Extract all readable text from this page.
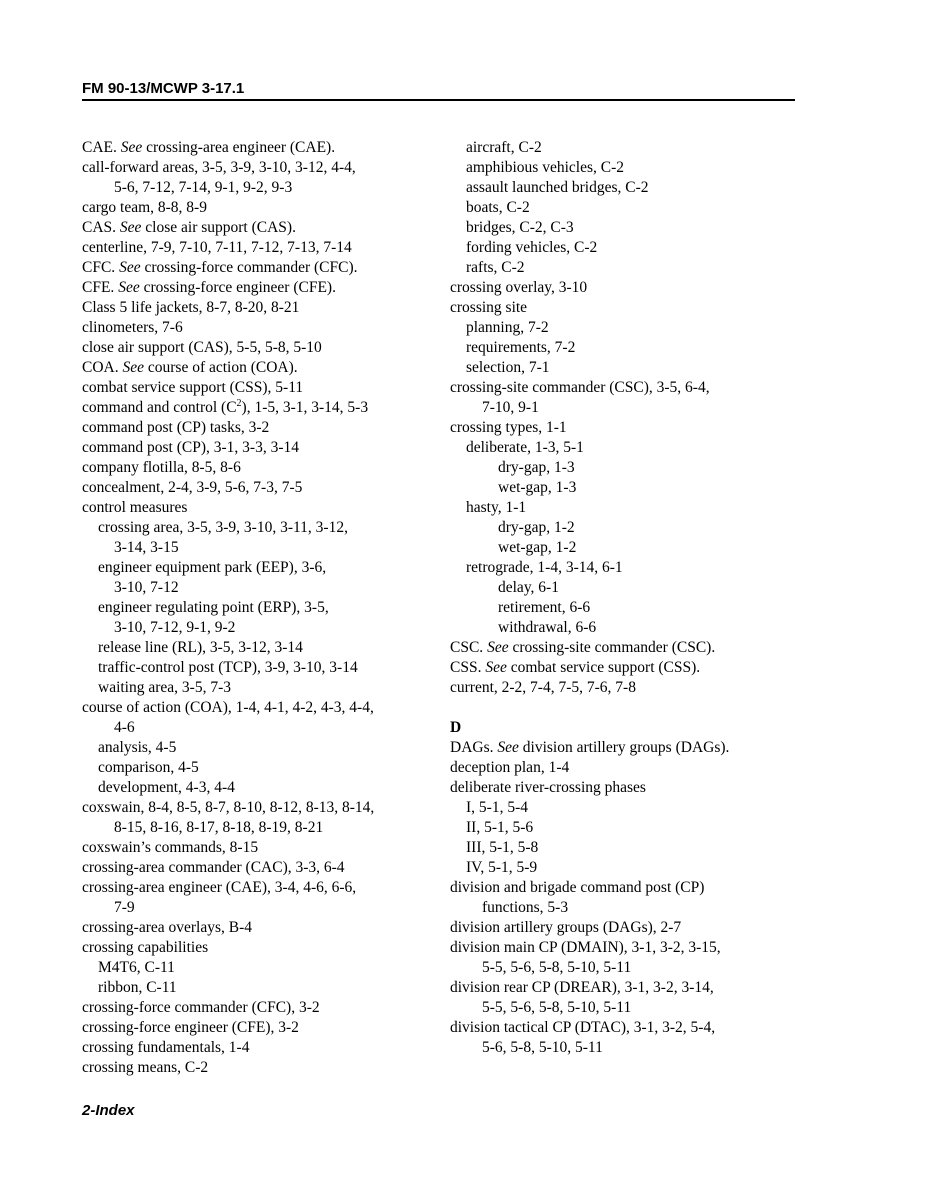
FM 90-13/MCWP 3-17.1
CAE. See crossing-area engineer (CAE).
call-forward areas, 3-5, 3-9, 3-10, 3-12, 4-4,
5-6, 7-12, 7-14, 9-1, 9-2, 9-3
cargo team, 8-8, 8-9
CAS. See close air support (CAS).
centerline, 7-9, 7-10, 7-11, 7-12, 7-13, 7-14
CFC. See crossing-force commander (CFC).
CFE. See crossing-force engineer (CFE).
Class 5 life jackets, 8-7, 8-20, 8-21
clinometers, 7-6
close air support (CAS), 5-5, 5-8, 5-10
COA. See course of action (COA).
combat service support (CSS), 5-11
command and control $(C^2)$, 1-5, 3-1, 3-14, 5-3
command post (CP) tasks, 3-2
command post (CP), 3-1, 3-3, 3-14
company flotilla, 8-5, 8-6
concealment, 2-4, 3-9, 5-6, 7-3, 7-5
control measures
crossing area, 3-5, 3-9, 3-10, 3-11, 3-12,
3-14, 3-15
engineer equipment park (EEP), 3-6,
3-10, 7-12
engineer regulating point (ERP), 3-5,
3-10, 7-12, 9-1, 9-2
release line (RL), 3-5, 3-12, 3-14
traffic-control post (TCP), 3-9, 3-10, 3-14
waiting area, 3-5, 7-3
course of action (COA), 1-4, 4-1, 4-2, 4-3, 4-4,
4-6
analysis, 4-5
comparison, 4-5
development, 4-3, 4-4
coxswain, 8-4, 8-5, 8-7, 8-10, 8-12, 8-13, 8-14,
8-15, 8-16, 8-17, 8-18, 8-19, 8-21
coxswain’s commands, 8-15
crossing-area commander (CAC), 3-3, 6-4
crossing-area engineer (CAE), 3-4, 4-6, 6-6,
7-9
crossing-area overlays, B-4
crossing capabilities
M4T6, C-11
ribbon, C-11
crossing-force commander (CFC), 3-2
crossing-force engineer (CFE), 3-2
crossing fundamentals, 1-4
crossing means, C-2
aircraft, C-2
amphibious vehicles, C-2
assault launched bridges, C-2
boats, C-2
bridges, C-2, C-3
fording vehicles, C-2
rafts, C-2
crossing overlay, 3-10
crossing site
planning, 7-2
requirements, 7-2
selection, 7-1
crossing-site commander (CSC), 3-5, 6-4,
7-10, 9-1
crossing types, 1-1
deliberate, 1-3, 5-1
dry-gap, 1-3
wet-gap, 1-3
hasty, 1-1
dry-gap, 1-2
wet-gap, 1-2
retrograde, 1-4, 3-14, 6-1
delay, 6-1
retirement, 6-6
withdrawal, 6-6
CSC. See crossing-site commander (CSC).
CSS. See combat service support (CSS).
current, 2-2, 7-4, 7-5, 7-6, 7-8
D
DAGs. See division artillery groups (DAGs).
deception plan, 1-4
deliberate river-crossing phases
I, 5-1, 5-4
II, 5-1, 5-6
III, 5-1, 5-8
IV, 5-1, 5-9
division and brigade command post (CP)
functions, 5-3
division artillery groups (DAGs), 2-7
division main CP (DMAIN), 3-1, 3-2, 3-15,
5-5, 5-6, 5-8, 5-10, 5-11
division rear CP (DREAR), 3-1, 3-2, 3-14,
5-5, 5-6, 5-8, 5-10, 5-11
division tactical CP (DTAC), 3-1, 3-2, 5-4,
5-6, 5-8, 5-10, 5-11
2-Index
